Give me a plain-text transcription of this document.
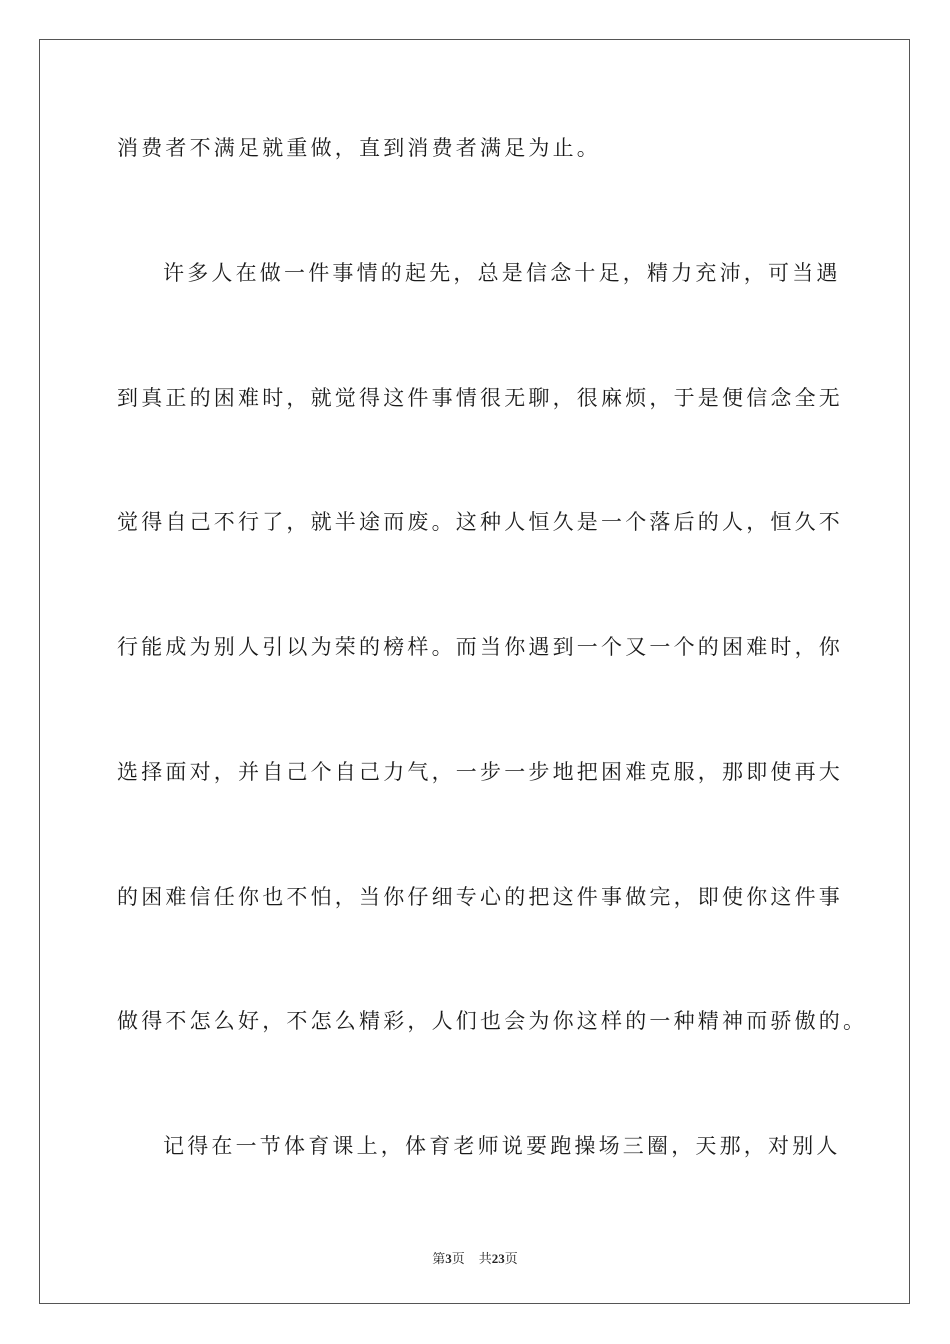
消费者不满足就重做，直到消费者满足为止。
许多人在做一件事情的起先，总是信念十足，精力充沛，可当遇
到真正的困难时，就觉得这件事情很无聊，很麻烦，于是便信念全无
觉得自己不行了，就半途而废。这种人恒久是一个落后的人，恒久不
行能成为别人引以为荣的榜样。而当你遇到一个又一个的困难时，你
选择面对，并自己个自己力气，一步一步地把困难克服，那即使再大
的困难信任你也不怕，当你仔细专心的把这件事做完，即使你这件事
做得不怎么好，不怎么精彩，人们也会为你这样的一种精神而骄傲的。
记得在一节体育课上，体育老师说要跑操场三圈，天那，对别人
第3页 共23页
